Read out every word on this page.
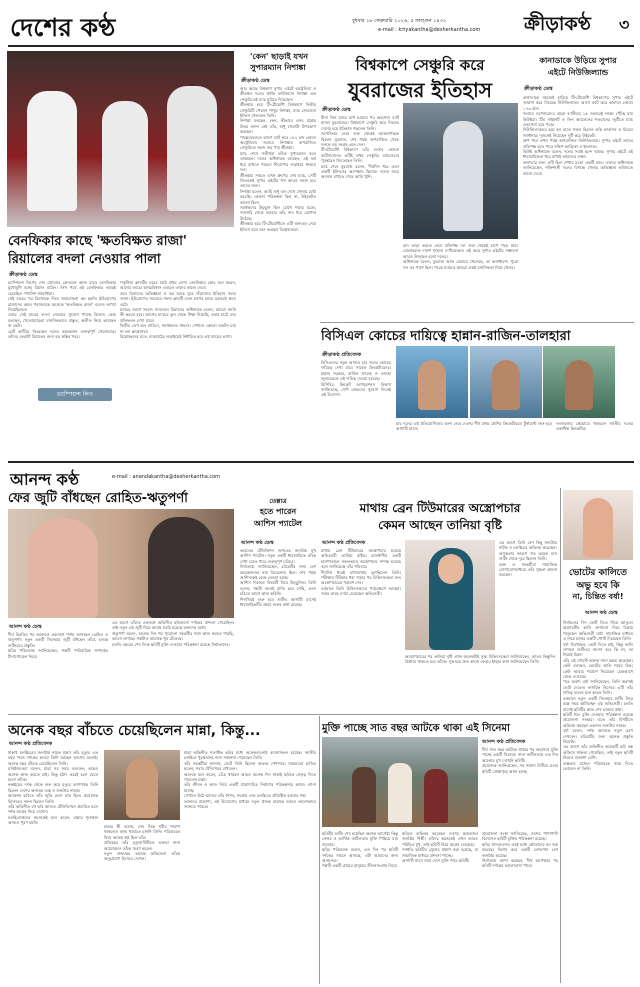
দেশের কণ্ঠ	বুধবার ১৮ ফেব্রুয়ারি ২০২৬, ৫ ফাল্গুন ১৪৩২
e-mail : krtyakantha@desherkantha.com	ক্রীড়াকণ্ঠ	৩
'কেন' ছাড়াই যখন
সুপারম্যান নিশাঙ্কা
ক্রীড়াকণ্ঠ ডেস্ক
আর আছে বিশ্বকাপ সুপার এইটে অস্ট্রেলিয়া ও শ্রীলঙ্কা। দলের প্রধান ব্যাটসম্যান নিশাঙ্কা এক সেঞ্চুরিতেই ম্যাচ ঘুরিয়ে দিয়েছেন।
শ্রীলঙ্কার হয়ে টি-টোয়েন্টি বিশ্বকাপে দ্বিতীয় সেঞ্চুরিটি পেলেন পাথুম নিশাঙ্কা, ম্যাচ জেতানো ইনিংস খেললেন তিনি।
নিশাঙ্কা বলছেন, কেন, কীভাবে এসব প্রশ্নের উত্তর জানা নেই তাঁর, শুধু খেলাটা উপভোগ করছেন।
পাল্লেকেলেতে আগে ব্যাট করে ১৮২ রান তোলে অস্ট্রেলিয়া। জবাবে নিশাঙ্কার অপরাজিত সেঞ্চুরিতে সহজ জয় পায় শ্রীলঙ্কা।
ম্যাচ শেষে সতীর্থরা তাঁকে সুপারম্যান বলে ডাকছেন। দলের অধিনায়ক বলছেন, এই ফর্ম ধরে রাখতে পারলে শিরোপার লড়াইয়ে থাকবে দল।
শ্রীলঙ্কার সামনে এখন গ্রুপের শেষ ম্যাচ, সেটি জিতলেই সুপার এইটের পথ আরও সহজ হবে তাদের জন্য।
নিশাঙ্কা বলেন, আমি শুধু বল দেখে খেলার চেষ্টা করেছি। কোনো পরিকল্পনা ছিল না, উইকেটও ভালো ছিল।
সমর্থকদের উচ্ছ্বাস ছিল চোখে পড়ার মতো, গ্যালারি থেকে বারবার তাঁর নাম ধরে স্লোগান উঠেছে।
শ্রীলঙ্কার হয়ে টি-টোয়েন্টিতে এটি অন্যতম সেরা ইনিংস বলে মনে করছেন বিশ্লেষকেরা।
বিশ্বকাপে সেঞ্চুরি করে
যুবরাজের ইতিহাস
ক্রীড়াকণ্ঠ ডেস্ক
টানা তিন ম্যাচে ব্যর্থ হওয়ার পর অবশেষে ব্যাট হাসল যুবরাজের। বিশ্বকাপে সেঞ্চুরি করে নিজের দেশের হয়ে ইতিহাস গড়লেন তিনি।
ওপেনিংয়ে নেমে শুরু থেকেই আক্রমণাত্মক ছিলেন যুবরাজ, শেষ পর্যন্ত অপরাজিত থেকে দলকে বড় সংগ্রহ এনে দেন।
টি-টোয়েন্টি বিশ্বকাপে তাঁর দেশের কোনো ব্যাটসম্যানের এটিই প্রথম সেঞ্চুরি। ম্যাচসেরার পুরস্কারও জিতেছেন তিনি।
ম্যাচ শেষে যুবরাজ বলেন, দীর্ঘদিন ধরে এমন একটি ইনিংসের অপেক্ষায় ছিলাম। দলের জয়ে অবদান রাখতে পেরে আমি খুশি।
রান তাড়া করতে নেমে প্রতিপক্ষ দল শুরু থেকেই চাপে পড়ে যায়। বোলাররাও দারুণ শৃঙ্খলা দেখিয়েছেন। এই জয়ে সুপার এইটের সম্ভাবনা আরও উজ্জ্বল হলো দলের।
অধিনায়ক বলেন, যুবরাজ আজ যেভাবে খেলেছে, তা অসাধারণ। পুরো দল ওর পাশে ছিল। পরের ম্যাচেও আমরা একই মানসিকতা নিয়ে খেলব।
কানাডাকে উড়িয়ে সুপার
এইটে নিউজিল্যান্ড
ক্রীড়াকণ্ঠ ডেস্ক
কানাডাকে সহজেই হারিয়ে টি-টোয়েন্টি বিশ্বকাপের সুপার এইটে জায়গা করে নিয়েছে নিউজিল্যান্ড। আগে ব্যাট করে কানাডা তোলে ১৭৩ রান।
জবাবে ওপেনারদের ঝড়ো ব্যাটিংয়ে ১৫ ওভারেই লক্ষ্যে পৌঁছে যায় কিউইরা। টিম সাইফার্ট ও ফিন অ্যালেনের শতরানের জুটিতে ম্যাচ একপেশে হয়ে পড়ে।
নিউজিল্যান্ডের হয়ে বল হাতে সফল ছিলেন লকি ফার্গুসন ও মিচেল স্যান্টনার। দুজনেই নিয়েছেন দুটি করে উইকেট।
গ্রুপ পর্বে এখন পর্যন্ত অপরাজিত নিউজিল্যান্ড। সুপার এইটে তাদের প্রতিপক্ষ হতে পারে দক্ষিণ আফ্রিকা ও ইংল্যান্ড।
কিউই অধিনায়ক বলেন, দলের সবাই ছন্দে আছে। সুপার এইটে এই ধারাবাহিকতা ধরে রাখাই আমাদের লক্ষ্য।
কানাডার জন্য এটি ছিল শেখার মতো একটি ম্যাচ। তাদের অধিনায়ক জানিয়েছেন, শক্তিশালী দলের বিপক্ষে খেলার অভিজ্ঞতা ভবিষ্যতে কাজে দেবে।
বেনফিকার কাছে 'ক্ষতবিক্ষত রাজা'
রিয়ালের বদলা নেওয়ার পালা
ক্রীড়াকণ্ঠ ডেস্ক
চ্যাম্পিয়ন্স লিগের শেষ ষোলোর প্লে-অফে আজ রাতে বেনফিকার মুখোমুখি হচ্ছে রিয়াল মাদ্রিদ। লিগ পর্বে এই বেনফিকার কাছেই হেরেছিল স্প্যানিশ জায়ান্টরা।
সেই হারের পর রিয়ালকে নিয়ে সমালোচনা কম হয়নি। ইউরোপের রাজাদের অমন পরাজয়কে অনেকে 'ক্ষতবিক্ষত রাজা' বলেও আখ্যা দিয়েছিলেন।
এবার সেই হারের বদলা নেওয়ার সুযোগ পাচ্ছে রিয়াল। কোচ বলছেন, খেলোয়াড়েরা মানসিকভাবে প্রস্তুত, অতীত নিয়ে ভাবছেন না কেউ।
চোট কাটিয়ে ফিরেছেন দলের কয়েকজন গুরুত্বপূর্ণ খেলোয়াড়। তাঁদের ফেরাটা রিয়ালের জন্য বড় স্বস্তির খবর।
চ্যাম্পিয়ন্স লিগ
পর্তুগিজ ক্লাবটির ঘরের মাঠে প্রথম লেগ। বেনফিকার কোচ মনে করেন, আগের জয়ের আত্মবিশ্বাস এবারও তাদের কাজে দেবে।
তবে রিয়ালের অভিজ্ঞতা ও বড় ম্যাচে ঘুরে দাঁড়ানোর ইতিহাস সবার জানা। ইউরোপের সবচেয়ে সফল ক্লাবটি এমন চাপের ম্যাচে বরাবরই জ্বলে ওঠে।
ম্যাচের আগে সংবাদ সম্মেলনে রিয়ালের অধিনায়ক বলেন, আমরা জানি কী করতে হবে। আগের ম্যাচের ভুল থেকে শিক্ষা নিয়েছি, এবার মাঠে তার প্রতিফলন দেখা যাবে।
দ্বিতীয় লেগ হবে মাদ্রিদে, সমর্থকদের সামনে। সেখানে কোনো অঘটন চায় না লস ব্লাঙ্কোসরা।
বিশ্লেষকদের মতে, মাঝমাঠের লড়াইয়েই নির্ধারিত হবে এই ম্যাচের ভাগ্য।	বিসিএল কোচের দায়িত্বে হান্নান-রাজিন-তালহারা
ক্রীড়াকণ্ঠ প্রতিবেদক
বিসিএলের নতুন আসরে চার দলের কোচের দায়িত্বে দেখা যাবে সাবেক ক্রিকেটারদের। হান্নান সরকার, রাজিন সালেহ ও তালহা জুবায়েরকে এই দায়িত্ব দেওয়া হয়েছে।
বিসিবির ক্রিকেট অপারেশনস বিভাগ জানিয়েছে, দেশি কোচদের সুযোগ দিতেই এই উদ্যোগ।
চার দলের এই প্রতিযোগিতায় অংশ নেবে দেশের শীর্ষ প্রথম শ্রেণির ক্রিকেটাররা। টুর্নামেন্ট শুরু হবে আগামী মাসে।
দলগুলোর স্কোয়াডে থাকবেন জাতীয় দলের একাধিক ক্রিকেটার।
আনন্দ কণ্ঠ	e-mail : anandakantha@desherkantha.com
ফের জুটি বাঁধছেন রোহিত-ঋতুপর্ণা
আনন্দ কণ্ঠ ডেস্ক
দীর্ঘ বিরতির পর আবারও একসঙ্গে পর্দায় আসছেন রোহিত ও ঋতুপর্ণা। নতুন একটি সিনেমায় জুটি বাঁধছেন তাঁরা, চলছে শুটিংয়ের প্রস্তুতি।
ছবির পরিচালক জানিয়েছেন, গল্পটি পারিবারিক সম্পর্কের টানাপোড়েন নিয়ে।
এর আগে তাঁদের একসঙ্গে অভিনীত ছবিগুলো দর্শকের প্রশংসা পেয়েছিল। তাই নতুন এই জুটি নিয়ে আগ্রহ তৈরি হয়েছে ভক্তদের মধ্যে।
ঋতুপর্ণা বলেন, অনেক দিন পর পুরোনো সহকর্মীর সঙ্গে কাজ করতে পারছি, ভালো লাগছে। গল্পটাও আমাকে খুব টেনেছে।
চলতি বছরের শেষ দিকে ছবিটি মুক্তি দেওয়ার পরিকল্পনা রয়েছে নির্মাতাদের।
তেল্লাত্র
হতে পারেন
আশিস প্যাটেল
আনন্দ কণ্ঠ ডেস্ক
ভারতের টেলিভিশন জগতের জনপ্রিয় মুখ আশিস প্যাটেল। নতুন একটি ধারাবাহিকে তাঁকে দেখা যেতে পারে গুরুত্বপূর্ণ চরিত্রে।
নির্মাতারা জানিয়েছেন, চরিত্রটির জন্য বেশ কয়েকজনের নাম বিবেচনায় ছিল। শেষ পর্যন্ত আশিসকেই বেছে নেওয়া হচ্ছে।
আশিস নিজেও বিষয়টি নিয়ে উচ্ছ্বসিত। তিনি বলেন, গল্পটা শুনেই রাজি হয়ে গেছি, এমন চরিত্রে আগে কাজ করিনি।
শিগগিরই শুরু হবে শুটিং। আগামী মাসেই ধারাবাহিকটির প্রচার শুরুর কথা রয়েছে।
মাথায় ব্রেন টিউমারের অস্ত্রোপচার
কেমন আছেন তানিয়া বৃষ্টি
আনন্দ কণ্ঠ প্রতিবেদক
মাথায় ব্রেন টিউমারের অস্ত্রোপচার হয়েছে অভিনেত্রী তানিয়া বৃষ্টির। রাজধানীর একটি হাসপাতালে সফলভাবে অস্ত্রোপচার সম্পন্ন হয়েছে বলে জানিয়েছে তাঁর পরিবার।
দীর্ঘদিন ধরেই মাথাব্যথায় ভুগছিলেন তিনি। পরীক্ষায় টিউমার ধরা পড়ার পর চিকিৎসকেরা দ্রুত অস্ত্রোপচারের পরামর্শ দেন।
বর্তমানে তিনি চিকিৎসকদের পর্যবেক্ষণে আছেন। সবার কাছে দোয়া চেয়েছেন অভিনেত্রী।
অস্ত্রোপচারের পর তানিয়া বৃষ্টি এখন অনেকটাই সুস্থ। চিকিৎসকেরা জানিয়েছেন, আরও কিছুদিন বিশ্রামে থাকতে হবে তাঁকে। সুস্থ হয়ে দ্রুত কাজে ফেরার ইচ্ছার কথা জানিয়েছেন তিনি।
এর আগে তিনি বেশ কিছু জনপ্রিয় নাটক ও চলচ্চিত্রে অভিনয় করেছেন। অসুস্থতার কারণে গত কয়েক মাস শুটিং থেকে দূরে ছিলেন তিনি।
ভক্ত ও সহকর্মীরা সামাজিক যোগাযোগমাধ্যমে তাঁর সুস্থতা কামনা করছেন।	ভোটের কালিতে
অভু হবে কি
না, চিন্তিত বর্ষা!
আনন্দ কণ্ঠ ডেস্ক
নির্বাচনের দিন ভোট দিতে গিয়ে আঙুলে অমোচনীয় কালি লাগানো নিয়ে চিন্তায় পড়েছেন অভিনেত্রী বর্ষা। সামাজিক মাধ্যমে এ নিয়ে মজার একটি পোস্ট দিয়েছেন তিনি।
বর্ষা লিখেছেন, ভোট দিতে চাই, কিন্তু কালি লাগলে শুটিংয়ে সমস্যা হবে কি না, তা নিয়েই চিন্তা।
তাঁর এই পোস্টে ভক্তরা নানা মন্তব্য করেছেন। কেউ বলছেন, ভোটের কালি গর্বের চিহ্ন; কেউ আবার পরামর্শ দিয়েছেন মেকআপে ঢেকে দেওয়ার।
পরে অবশ্য বর্ষা জানিয়েছেন, তিনি অবশ্যই ভোট দেবেন। নাগরিক হিসেবে এটি তাঁর দায়িত্ব বলেও মনে করেন তিনি।
বর্তমানে নতুন একটি সিনেমার শুটিং নিয়ে ব্যস্ত সময় কাটাচ্ছেন এই অভিনেত্রী। চলতি মাসেই ছবিটির কাজ শেষ হওয়ার কথা।
ছবিটি ঈদে মুক্তি দেওয়ার পরিকল্পনা রয়েছে প্রযোজনা সংস্থার। এতে তাঁর বিপরীতে অভিনয় করছেন একজন জনপ্রিয় নায়ক।
বর্ষা বলেন, দর্শক আমাকে নতুন রূপে দেখবেন। চরিত্রটির জন্য অনেক প্রস্তুতি নিয়েছি।
এর আগে তাঁর অভিনীত কয়েকটি ছবি বক্স অফিসে সাফল্য পেয়েছিল, তাই নতুন ছবিটি নিয়েও প্রত্যাশা বেশি।
ব্যস্ততার মধ্যেও পরিবারকে সময় দিতে ভোলেন না তিনি।
অনেক বছর বাঁচতে চেয়েছিলেন মান্না, কিন্তু...
আনন্দ কণ্ঠ প্রতিবেদক
ঢাকাই চলচ্চিত্রের জনপ্রিয় নায়ক মান্না। তাঁর মৃত্যুর এত বছর পরও দর্শকের হৃদয়ে তিনি আছেন আগের মতোই। অনেক বছর বাঁচতে চেয়েছিলেন তিনি।
ঘনিষ্ঠজনেরা বলেন, মান্না সব সময় বলতেন, আরও অনেক কাজ করতে চাই। কিন্তু হঠাৎ করেই চলে যেতে হলো তাঁকে।
নব্বইয়ের দশক থেকে শুরু করে মৃত্যুর আগপর্যন্ত তিনি ছিলেন দেশের অন্যতম ব্যস্ত ও জনপ্রিয় নায়ক।
অ্যাকশন ছবিতে তাঁর জুড়ি মেলা ভার ছিল। প্রযোজক হিসেবেও সফল ছিলেন তিনি।
তাঁর অভিনীত বহু ছবি আজও টেলিভিশনে প্রচারিত হলে দর্শক আগ্রহ নিয়ে দেখেন।
চলচ্চিত্রাঙ্গনের অনেকেই মনে করেন, মান্নার শূন্যস্থান আজও পূরণ হয়নি।
মান্নার স্ত্রী বলেন, শেষ দিকে শরীর খারাপ থাকলেও কাজ থামাতে চাননি তিনি। পরিবারকে নিয়ে অনেক স্বপ্ন ছিল তাঁর।
প্রতিবছর তাঁর মৃত্যুবার্ষিকীতে ভক্তরা নানা আয়োজনে তাঁকে স্মরণ করেন।
নতুন প্রজন্মের অনেক অভিনেতা তাঁকে অনুপ্রেরণা হিসেবে দেখেন।
মান্না অভিনীত শতাধিক ছবির মধ্যে অনেকগুলোই ব্যবসাসফল হয়েছে। জাতীয় চলচ্চিত্র পুরস্কারসহ নানা সম্মাননা পেয়েছেন তিনি।
তাঁর সহকর্মীরা জানান, সেটে তিনি ছিলেন অত্যন্ত পেশাদার। সময়মতো হাজির হতেন, সবার খোঁজখবর রাখতেন।
অনেকে মনে করেন, বেঁচে থাকলে আরও অনেক দিন ঢাকাই ছবিকে নেতৃত্ব দিতে পারতেন মান্না।
তাঁর জীবন ও কাজ নিয়ে একটি প্রামাণ্যচিত্র নির্মাণের পরিকল্পনার কথাও শোনা যাচ্ছে।
সেখানে উঠে আসবে তাঁর শৈশব, সংগ্রাম এবং চলচ্চিত্রে প্রতিষ্ঠিত হওয়ার গল্প।
ভক্তদের প্রত্যাশা, এই উদ্যোগের মাধ্যমে নতুন প্রজন্ম মান্নাকে আরও ভালোভাবে জানতে পারবে।
মুক্তি পাচ্ছে সাত বছর আটকে থাকা এই সিনেমা
আনন্দ কণ্ঠ প্রতিবেদক
দীর্ঘ সাত বছর আটকে থাকার পর অবশেষে মুক্তি পাচ্ছে একটি সিনেমা। নানা জটিলতায় এত দিন আলোর মুখ দেখেনি ছবিটি।
প্রযোজক জানিয়েছেন, সব সমস্যা মিটিয়ে এবার ছবিটি প্রেক্ষাগৃহে আনা হচ্ছে।
ছবিটির শুটিং শেষ হয়েছিল অনেক আগেই। কিন্তু সেন্সর ও আর্থিক জটিলতায় মুক্তি পিছিয়ে যায় বারবার।
ছবির পরিচালক বলেন, এত দিন পর ছবিটি দর্শকের সামনে আসছে, এটা আমাদের জন্য আনন্দের।
গল্পটি একটি গ্রামের মানুষের জীবনসংগ্রাম নিয়ে।
ছবিতে অভিনয় করেছেন দেশের কয়েকজন জনপ্রিয় শিল্পী। তাঁদের অনেকেই এখন আরও পরিচিত মুখ, তাই ছবিটি নিয়ে আগ্রহ বেড়েছে।
সম্প্রতি ছবিটির ট্রেলার প্রকাশ করা হয়েছে, যা সামাজিক মাধ্যমে প্রশংসা পাচ্ছে।
আগামী মাসে সারা দেশে মুক্তি পাবে ছবিটি।
প্রযোজনা সংস্থা জানিয়েছে, দেশের পাশাপাশি বিদেশেও ছবিটি মুক্তির পরিকল্পনা রয়েছে।
ছবির গানগুলোও এরই মধ্যে শ্রোতাদের মন জয় করেছে। বিশেষ করে একটি লোকগান বেশ জনপ্রিয় হয়েছে।
নির্মাতারা আশা করছেন, দীর্ঘ অপেক্ষার পর ছবিটি দর্শকের ভালোবাসা পাবে।
